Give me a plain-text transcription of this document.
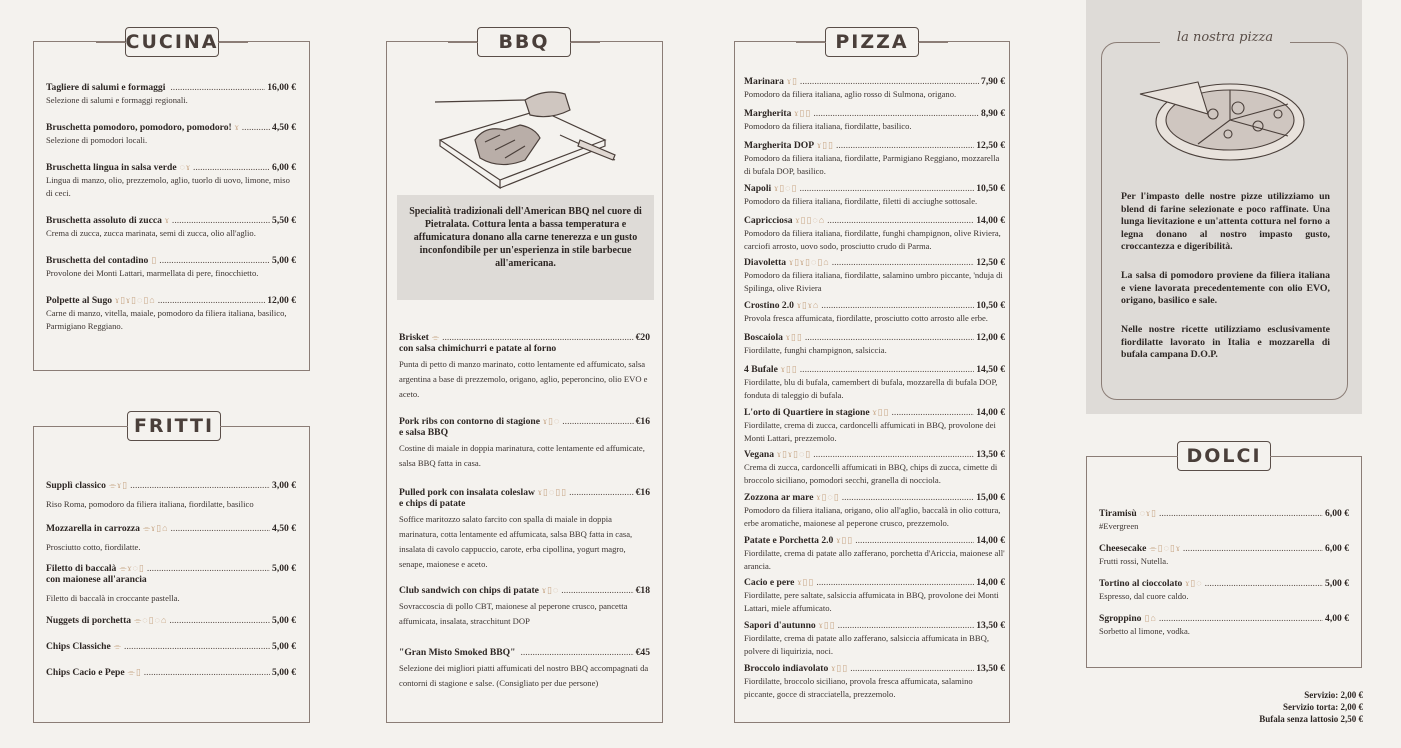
CUCINA
Tagliere di salumi e formaggi .....	16,00 €
Selezione di salumi e formaggi regionali.
Bruschetta pomodoro, pomodoro, pomodoro! ɤ .....	4,50 €
Selezione di pomodori locali.
Bruschetta lingua in salsa verde ◌ɤ .....	6,00 €
Lingua di manzo, olio, prezzemolo, aglio, tuorlo di uovo, limone, miso di ceci.
Bruschetta assoluto di zucca ɤ .....	5,50 €
Crema di zucca, zucca marinata, semi di zucca, olio all'aglio.
Bruschetta del contadino ▯ .....	5,00 €
Provolone dei Monti Lattari, marmellata di pere, finocchietto.
Polpette al Sugo ɤ▯ɤ▯◌▯⌂ .....	12,00 €
Carne di manzo, vitella, maiale, pomodoro da filiera italiana, basilico, Parmigiano Reggiano.
FRITTI
Supplì classico ⌯ɤ▯ .....	3,00 €
Riso Roma, pomodoro da filiera italiana, fiordilatte, basilico
Mozzarella in carrozza ⌯ɤ▯⌂ .....	4,50 €
Prosciutto cotto, fiordilatte.
Filetto di baccalà ⌯ɤ◌▯ .....	5,00 €
con maionese all'arancia
Filetto di baccalà in croccante pastella.
Nuggets di porchetta ⌯◌▯◌⌂ .....	5,00 €
Chips Classiche ⌯ .....	5,00 €
Chips Cacio e Pepe ⌯▯ .....	5,00 €
BBQ
Specialità tradizionali dell'American BBQ nel cuore di Pietralata. Cottura lenta a bassa temperatura e affumicatura donano alla carne tenerezza e un gusto inconfondibile per un'esperienza in stile barbecue all'americana.
Brisket ⌯ .....	€20
con salsa chimichurri e patate al forno
Punta di petto di manzo marinato, cotto lentamente ed affumicato, salsa argentina a base di prezzemolo, origano, aglio, peperoncino, olio EVO e aceto.
Pork ribs con contorno di stagione ɤ▯◌ .....	€16
e salsa BBQ
Costine di maiale in doppia marinatura, cotte lentamente ed affumicate, salsa BBQ fatta in casa.
Pulled pork con insalata coleslaw ɤ▯◌▯▯ .....	€16
e chips di patate
Soffice maritozzo salato farcito con spalla di maiale in doppia marinatura, cotta lentamente ed affumicata, salsa BBQ fatta in casa, insalata di cavolo cappuccio, carote, erba cipollina, yogurt magro, senape, maionese e aceto.
Club sandwich con chips di patate ɤ▯◌ .....	€18
Sovraccoscia di pollo CBT, maionese al peperone crusco, pancetta affumicata, insalata, stracchitunt DOP
"Gran Misto Smoked BBQ" .....	€45
Selezione dei migliori piatti affumicati del nostro BBQ accompagnati da contorni di stagione e salse. (Consigliato per due persone)
PIZZA
Marinara ɤ▯ .....	7,90 €
Pomodoro da filiera italiana, aglio rosso di Sulmona, origano.
Margherita ɤ▯▯ .....	8,90 €
Pomodoro da filiera italiana, fiordilatte, basilico.
Margherita DOP ɤ▯▯ .....	12,50 €
Pomodoro da filiera italiana, fiordilatte, Parmigiano Reggiano, mozzarella di bufala DOP, basilico.
Napoli ɤ▯◌▯ .....	10,50 €
Pomodoro da filiera italiana, fiordilatte, filetti di acciughe sottosale.
Capricciosa ɤ▯▯◌⌂ .....	14,00 €
Pomodoro da filiera italiana, fiordilatte, funghi champignon, olive Riviera, carciofi arrosto, uovo sodo, prosciutto crudo di Parma.
Diavoletta ɤ▯ɤ▯◌▯⌂ .....	12,50 €
Pomodoro da filiera italiana, fiordilatte, salamino umbro piccante, 'nduja di Spilinga, olive Riviera
Crostino 2.0 ɤ▯ɤ⌂ .....	10,50 €
Provola fresca affumicata, fiordilatte, prosciutto cotto arrosto alle erbe.
Boscaiola ɤ▯▯ .....	12,00 €
Fiordilatte, funghi champignon, salsiccia.
4 Bufale ɤ▯▯ .....	14,50 €
Fiordilatte, blu di bufala, camembert di bufala, mozzarella di bufala DOP, fonduta di taleggio di bufala.
L'orto di Quartiere in stagione ɤ▯▯ .....	14,00 €
Fiordilatte, crema di zucca, cardoncelli affumicati in BBQ, provolone dei Monti Lattari, prezzemolo.
Vegana ɤ▯ɤ▯◌▯ .....	13,50 €
Crema di zucca, cardoncelli affumicati in BBQ, chips di zucca, cimette di broccolo siciliano, pomodori secchi, granella di nocciola.
Zozzona ar mare ɤ▯◌▯ .....	15,00 €
Pomodoro da filiera italiana, origano, olio all'aglio, baccalà in olio cottura, erbe aromatiche, maionese al peperone crusco, prezzemolo.
Patate e Porchetta 2.0 ɤ▯▯ .....	14,00 €
Fiordilatte, crema di patate allo zafferano, porchetta d'Ariccia, maionese all' arancia.
Cacio e pere ɤ▯▯ .....	14,00 €
Fiordilatte, pere saltate, salsiccia affumicata in BBQ, provolone dei Monti Lattari, miele affumicato.
Sapori d'autunno ɤ▯▯ .....	13,50 €
Fiordilatte, crema di patate allo zafferano, salsiccia affumicata in BBQ, polvere di liquirizia, noci.
Broccolo indiavolato ɤ▯▯ .....	13,50 €
Fiordilatte, broccolo siciliano, provola fresca affumicata, salamino piccante, gocce di stracciatella, prezzemolo.
la nostra pizza
Per l'impasto delle nostre pizze utilizziamo un blend di farine selezionate e poco raffinate. Una lunga lievitazione e un'attenta cottura nel forno a legna donano al nostro impasto gusto, croccantezza e digeribilità.
La salsa di pomodoro proviene da filiera italiana e viene lavorata precedentemente con olio EVO, origano, basilico e sale.
Nelle nostre ricette utilizziamo esclusivamente fiordilatte lavorato in Italia e mozzarella di bufala campana D.O.P.
DOLCI
Tiramisù ◌ɤ▯ .....	6,00 €
#Evergreen
Cheesecake ⌯▯◌▯ɤ .....	6,00 €
Frutti rossi, Nutella.
Tortino al cioccolato ɤ▯◌ .....	5,00 €
Espresso, dal cuore caldo.
Sgroppino ▯⌂ .....	4,00 €
Sorbetto al limone, vodka.
Servizio: 2,00 €
Servizio torta: 2,00 €
Bufala senza lattosio 2,50 €
